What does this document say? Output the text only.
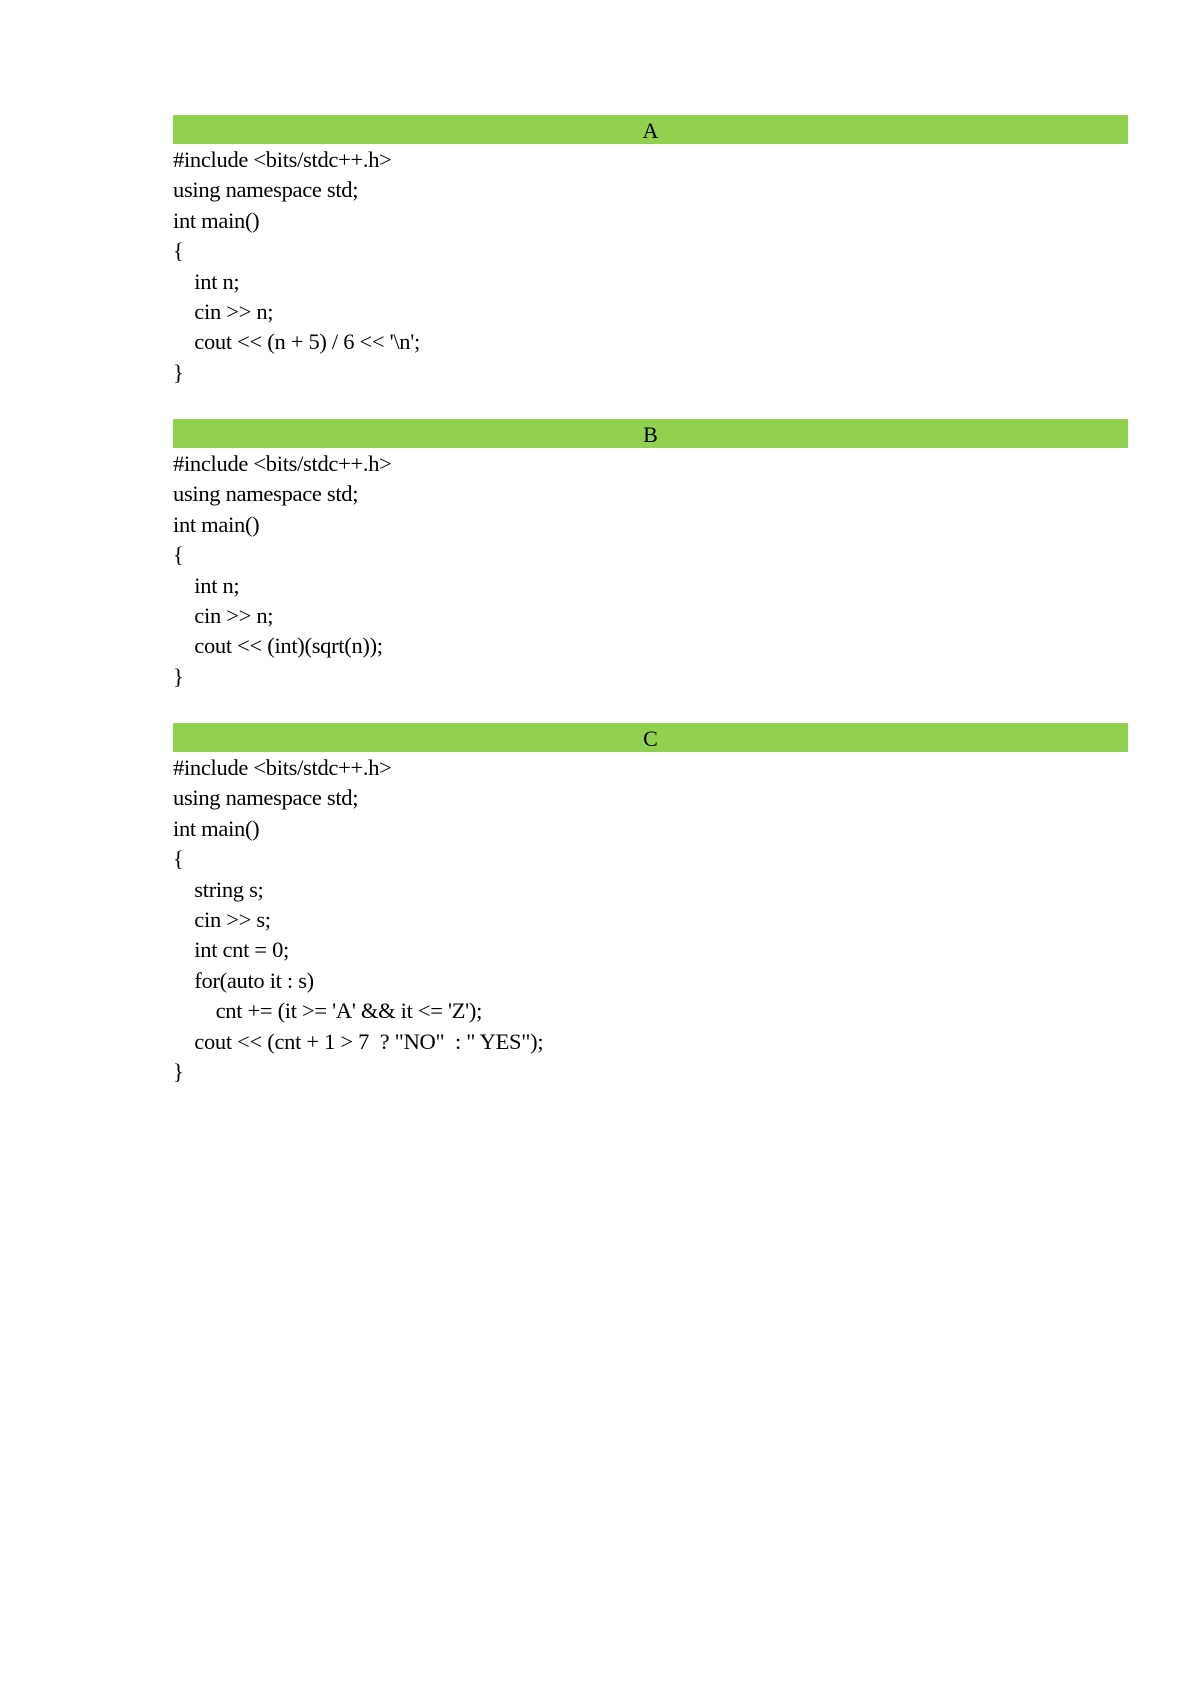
A
#include <bits/stdc++.h>
using namespace std;
int main()
{
int n;
cin >> n;
cout << (n + 5) / 6 << '\n';
}
B
#include <bits/stdc++.h>
using namespace std;
int main()
{
int n;
cin >> n;
cout << (int)(sqrt(n));
}
C
#include <bits/stdc++.h>
using namespace std;
int main()
{
string s;
cin >> s;
int cnt = 0;
for(auto it : s)
cnt += (it >= 'A' && it <= 'Z');
cout << (cnt + 1 > 7  ? "NO"  : " YES");
}
